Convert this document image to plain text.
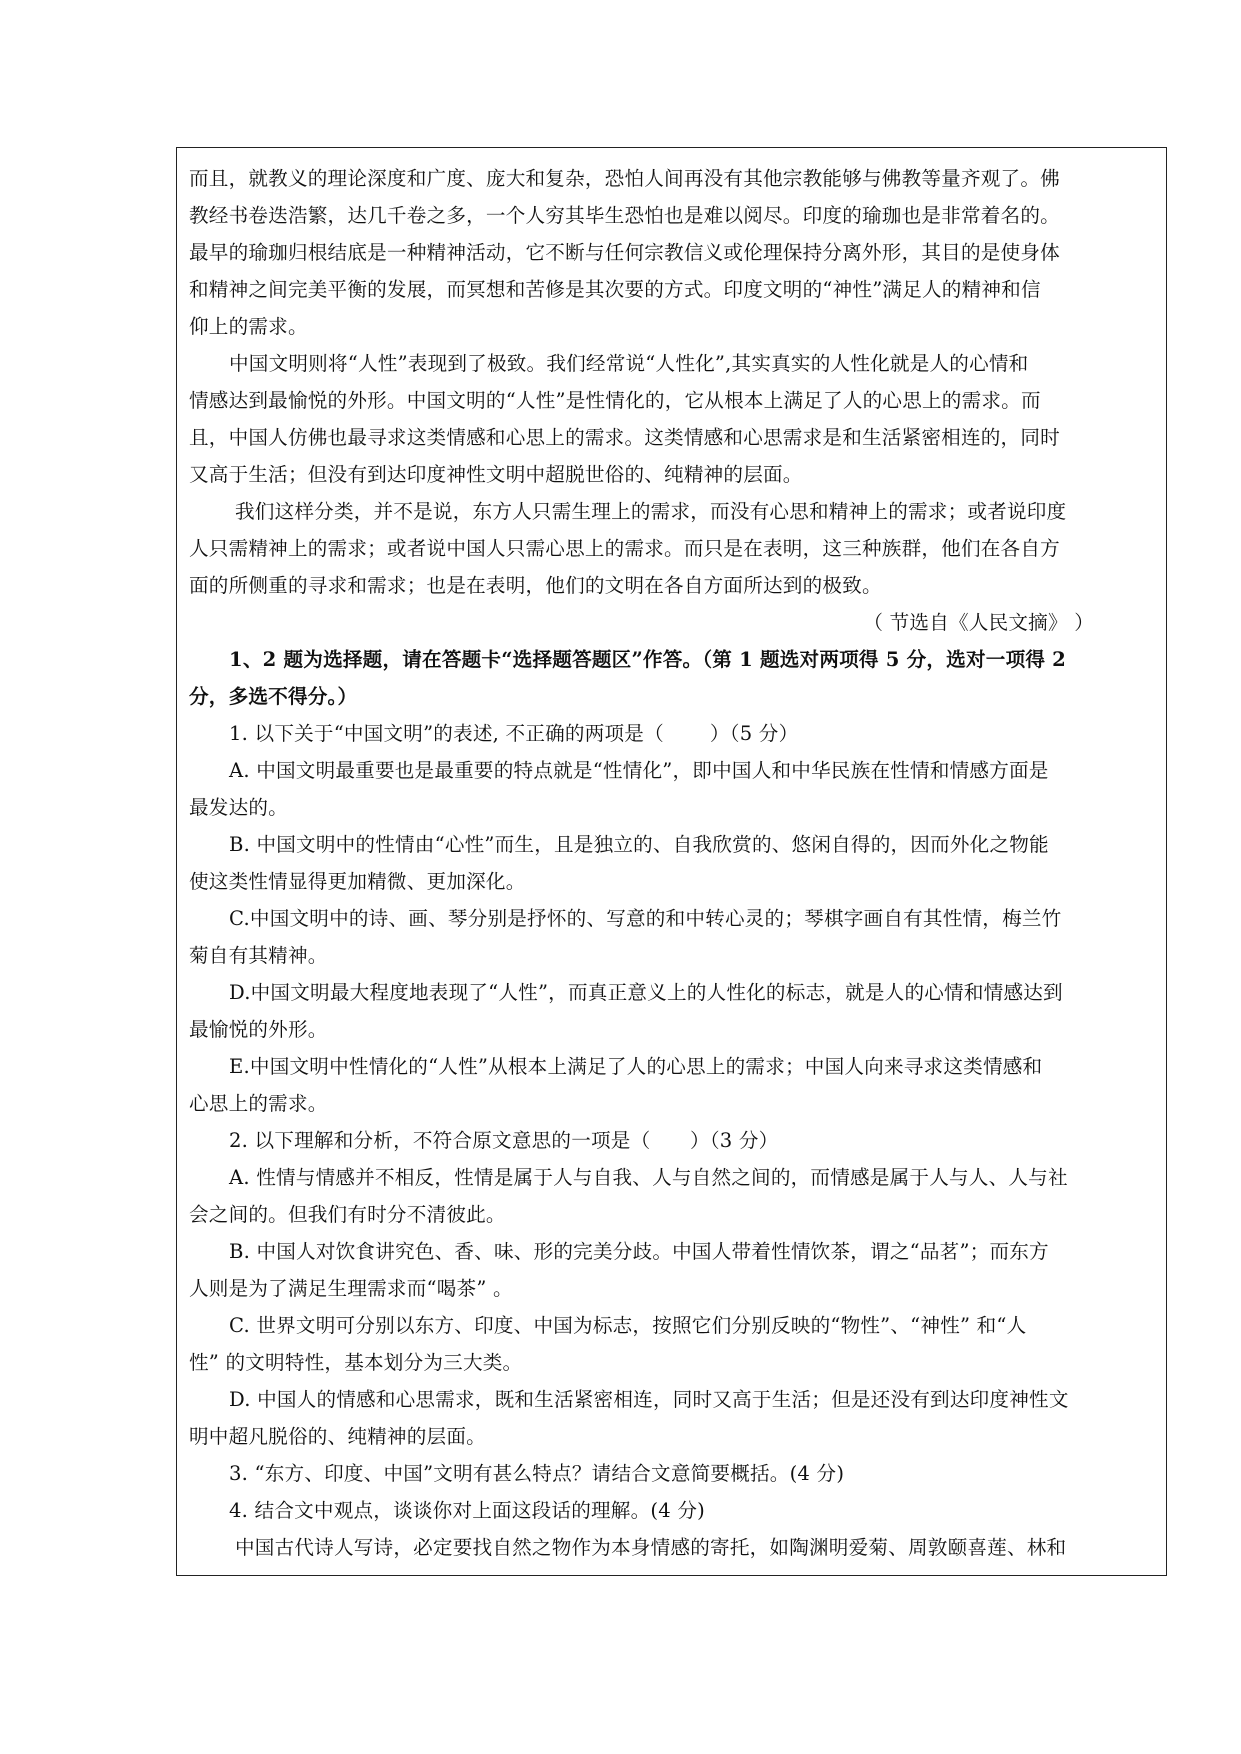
而且，就教义的理论深度和广度、庞大和复杂，恐怕人间再没有其他宗教能够与佛教等量齐观了。佛
教经书卷迭浩繁，达几千卷之多，一个人穷其毕生恐怕也是难以阅尽。印度的瑜珈也是非常着名的。
最早的瑜珈归根结底是一种精神活动，它不断与任何宗教信义或伦理保持分离外形，其目的是使身体
和精神之间完美平衡的发展，而冥想和苦修是其次要的方式。印度文明的“神性”满足人的精神和信
仰上的需求。
中国文明则将“人性”表现到了极致。我们经常说“人性化”,其实真实的人性化就是人的心情和
情感达到最愉悦的外形。中国文明的“人性”是性情化的，它从根本上满足了人的心思上的需求。而
且，中国人仿佛也最寻求这类情感和心思上的需求。这类情感和心思需求是和生活紧密相连的，同时
又高于生活；但没有到达印度神性文明中超脱世俗的、纯精神的层面。
我们这样分类，并不是说，东方人只需生理上的需求，而没有心思和精神上的需求；或者说印度
人只需精神上的需求；或者说中国人只需心思上的需求。而只是在表明，这三种族群，他们在各自方
面的所侧重的寻求和需求；也是在表明，他们的文明在各自方面所达到的极致。
（ 节选自《人民文摘》 ）
1、2 题为选择题，请在答题卡“选择题答题区”作答。（第 1 题选对两项得 5 分，选对一项得 2
分，多选不得分。）
1. 以下关于“中国文明”的表述, 不正确的两项是（　　 ）（5 分）
A. 中国文明最重要也是最重要的特点就是“性情化”，即中国人和中华民族在性情和情感方面是
最发达的。
B. 中国文明中的性情由“心性”而生，且是独立的、自我欣赏的、悠闲自得的，因而外化之物能
使这类性情显得更加精微、更加深化。
C.中国文明中的诗、画、琴分别是抒怀的、写意的和中转心灵的；琴棋字画自有其性情，梅兰竹
菊自有其精神。
D.中国文明最大程度地表现了“人性”，而真正意义上的人性化的标志，就是人的心情和情感达到
最愉悦的外形。
E.中国文明中性情化的“人性”从根本上满足了人的心思上的需求；中国人向来寻求这类情感和
心思上的需求。
2. 以下理解和分析，不符合原文意思的一项是（　　）（3 分）
A. 性情与情感并不相反，性情是属于人与自我、人与自然之间的，而情感是属于人与人、人与社
会之间的。但我们有时分不清彼此。
B. 中国人对饮食讲究色、香、味、形的完美分歧。中国人带着性情饮茶，谓之“品茗”；而东方
人则是为了满足生理需求而“喝茶” 。
C. 世界文明可分别以东方、印度、中国为标志，按照它们分别反映的“物性”、“神性” 和“人
性” 的文明特性，基本划分为三大类。
D. 中国人的情感和心思需求，既和生活紧密相连，同时又高于生活；但是还没有到达印度神性文
明中超凡脱俗的、纯精神的层面。
3. “东方、印度、中国”文明有甚么特点？请结合文意简要概括。(4 分)
4. 结合文中观点，谈谈你对上面这段话的理解。(4 分)
中国古代诗人写诗，必定要找自然之物作为本身情感的寄托，如陶渊明爱菊、周敦颐喜莲、林和
